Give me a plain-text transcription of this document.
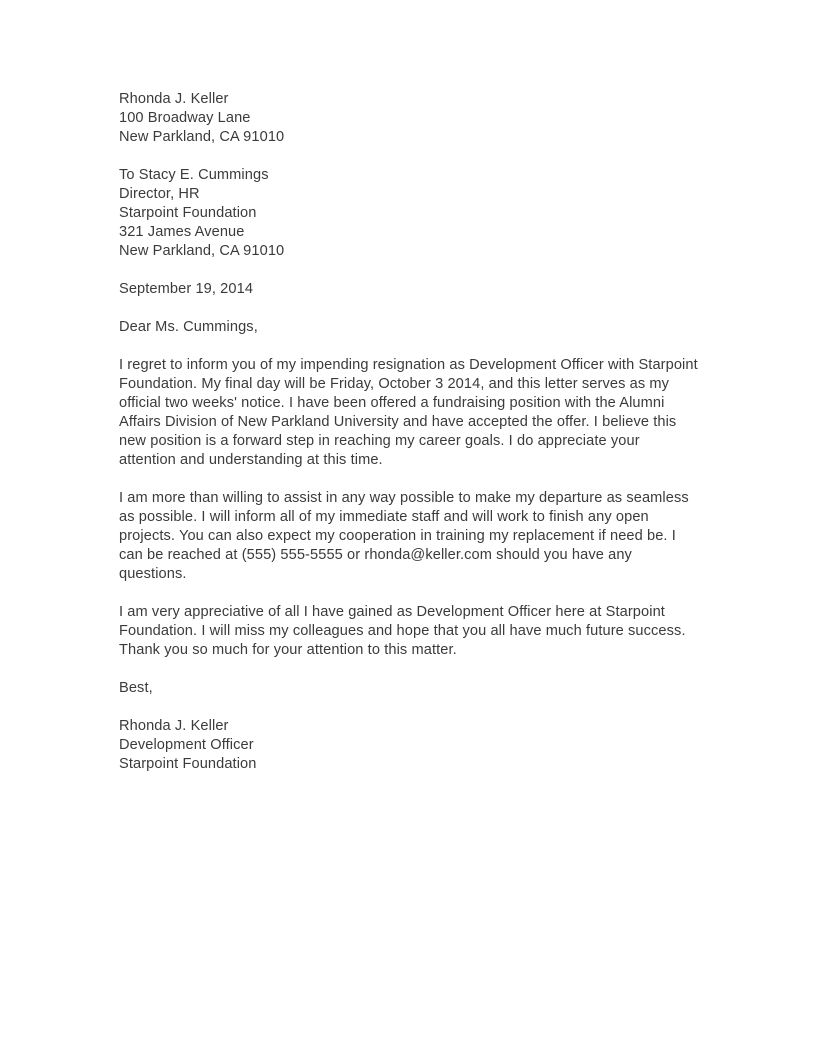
Rhonda J. Keller
100 Broadway Lane
New Parkland, CA 91010
To Stacy E. Cummings
Director, HR
Starpoint Foundation
321 James Avenue
New Parkland, CA 91010
September 19, 2014
Dear Ms. Cummings,

I regret to inform you of my impending resignation as Development Officer with Starpoint Foundation. My final day will be Friday, October 3 2014, and this letter serves as my official two weeks' notice. I have been offered a fundraising position with the Alumni Affairs Division of New Parkland University and have accepted the offer. I believe this new position is a forward step in reaching my career goals. I do appreciate your attention and understanding at this time.

I am more than willing to assist in any way possible to make my departure as seamless as possible. I will inform all of my immediate staff and will work to finish any open projects. You can also expect my cooperation in training my replacement if need be. I can be reached at (555) 555-5555 or rhonda@keller.com should you have any questions.

I am very appreciative of all I have gained as Development Officer here at Starpoint Foundation. I will miss my colleagues and hope that you all have much future success. Thank you so much for your attention to this matter.

Best,
Rhonda J. Keller
Development Officer
Starpoint Foundation
